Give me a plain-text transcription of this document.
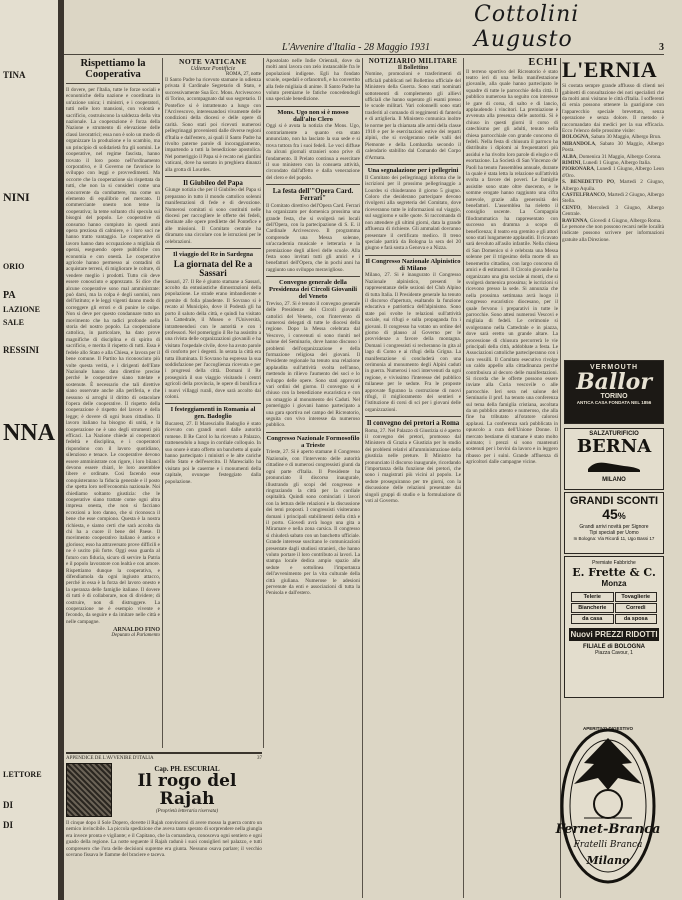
TINA
NINI
ORIO
PA
LAZIONE
SALE
RESSINI
NNA
LETTORE
DI
DI
Cottolini Augusto
L'Avvenire d'Italia - 28 Maggio 1931	3
Rispettiamo la Cooperativa
Il dovere, per l'Italia, tutte le forze sociali e economiche della nazione e coordinata in un'azione unica; i ministri, e i cooperatori, tutti nelle loro mansioni, con volontà e sacrificio, costruiscono la saldezza della vita nazionale. La cooperazione è forza della Nazione e strumento di elevazione delle classi lavoratrici; essa non è solo un modo di organizzare la produzione e lo scambio, ma un principio di solidarietà fra gli uomini. Le cooperative, nel regime fascista, hanno trovato il loro posto nell'ordinamento corporativo, e il Governo ne favorisce lo sviluppo con leggi e provvedimenti. Ma occorre che la cooperazione sia rispettata da tutti, che non la si consideri come una concorrente da combattere, ma come un elemento di equilibrio nel mercato. Il commerciante onesto non teme la cooperativa; la teme soltanto chi specula sui bisogni del popolo. Le cooperative di consumo hanno compiuto in questi anni opera preziosa di calmiere, e i loro soci ne hanno tratto vantaggio. Le cooperative di lavoro hanno dato occupazione a migliaia di operai, eseguendo opere pubbliche con economia e con onestà. Le cooperative agricole hanno permesso ai contadini di acquistare terreni, di migliorare le colture, di vendere meglio i prodotti. Tutto ciò deve essere conosciuto e apprezzato. Si dice che alcune cooperative sono mal amministrate: può darsi, ma la colpa è degli uomini, non dell'istituto; e le leggi vigenti danno modo di correggere gli errori e di punire le colpe. Non si deve per questo condannare tutto un movimento che ha radici profonde nella storia del nostro popolo. La cooperazione cattolica, in particolare, ha dato prove magnifiche di disciplina e di spirito di sacrificio, e merita il rispetto di tutti. Essa è fedele allo Stato e alla Chiesa, e lavora per il bene comune. Il Partito ha riconosciuto più volte questa verità, e i dirigenti dell'Ente Nazionale hanno dato direttive precise perché le cooperative siano tutelate e sostenute. È necessario che tali direttive siano osservate anche alla periferia, e che nessuno si arroghi il diritto di ostacolare l'opera delle cooperative. Il rispetto della cooperazione è rispetto del lavoro e della legge; è dovere di ogni buon cittadino. Il lavoro italiano ha bisogno di unità, e la cooperazione ne è uno degli strumenti più efficaci. La Nazione chiede ai cooperatori fedeltà e disciplina, e i cooperatori rispondono con il lavoro quotidiano, silenzioso e tenace. Le cooperative devono essere amministrate con rigore, i loro bilanci devono essere chiari, le loro assemblee libere e ordinate. Così facendo esse conquisteranno la fiducia generale e il posto che spetta loro nell'economia nazionale. Noi chiediamo soltanto giustizia: che le cooperative siano trattate come ogni altra impresa onesta, che non si facciano eccezioni a loro danno, che si riconosca il bene che esse compiono. Questa è la nostra richiesta, e siamo certi che sarà accolta da chi ha a cuore il bene del Paese. Il movimento cooperativo italiano è antico e glorioso; esso ha attraversato prove difficili e ne è uscito più forte. Oggi esso guarda al futuro con fiducia, sicuro di servire la Patria e il popolo lavoratore con lealtà e con amore. Rispettiamo dunque la cooperativa, e difendiamola da ogni ingiusto attacco, perché in essa è la forza del lavoro onesto e la speranza delle famiglie italiane. Il dovere di tutti è di collaborare, non di dividere; di costruire, non di distruggere. La cooperazione ne è esempio vivente e fecondo, da seguire e da imitare nelle città e nelle campagne.
ARNALDO FINO
Deputato al Parlamento
NOTE VATICANE
Udienze Pontificie
ROMA, 27, notte
Il Santo Padre ha ricevuto stamane in udienza privata il Cardinale Segretario di Stato, e successivamente Sua Ecc. Mons. Arcivescovo di Torino, accompagnato dal suo segretario. Il Pontefice si è intrattenuto a lungo con l'Arcivescovo, interessandosi vivamente delle condizioni della diocesi e delle opere di carità. Sono stati poi ricevuti numerosi pellegrinaggi provenienti dalle diverse regioni d'Italia e dall'estero, ai quali il Santo Padre ha rivolto paterne parole di incoraggiamento, impartendo a tutti la benedizione apostolica. Nel pomeriggio il Papa si è recato nei giardini vaticani, dove ha sostato in preghiera dinanzi alla grotta di Lourdes.
Il Giubileo del Papa
Giunge notizia che per il Giubileo del Papa si preparano in tutto il mondo cattolico solenni manifestazioni di fede e di devozione. Numerosi comitati si sono costituiti nelle diocesi per raccogliere le offerte dei fedeli, destinate alle opere predilette del Pontefice e alle missioni. Il Comitato centrale ha diramato una circolare con le istruzioni per le celebrazioni.
Il viaggio del Re in Sardegna
La giornata del Re a Sassari
Sassari, 27. Il Re è giunto stamane a Sassari, accolto da entusiastiche dimostrazioni della popolazione. Le strade erano imbandierate e gremite di folla plaudente. Il Sovrano si è recato al Municipio, dove il Podestà gli ha porto il saluto della città, e quindi ha visitato la Cattedrale, il Museo e l'Università, intrattenendosi con le autorità e con i professori. Nel pomeriggio il Re ha assistito a una rivista delle organizzazioni giovanili e ha visitato l'ospedale civile, dove ha avuto parole di conforto per i degenti. In serata la città era tutta illuminata. Il Sovrano ha espresso la sua soddisfazione per l'accoglienza ricevuta e per i progressi della città. Domani il Re proseguirà il suo viaggio visitando i centri agricoli della provincia, le opere di bonifica e i nuovi villaggi rurali, dove sarà accolto dai coloni.
I festeggiamenti in Romania al gen. Badoglio
Bucarest, 27. Il Maresciallo Badoglio è stato ricevuto con grandi onori dalle autorità romene. Il Re Carol lo ha ricevuto a Palazzo, trattenendolo a lungo in cordiale colloquio. In suo onore è stato offerto un banchetto al quale hanno partecipato i ministri e le alte cariche dello Stato e dell'esercito. Il Maresciallo ha visitato poi le caserme e i monumenti della capitale, ovunque festeggiato dalla popolazione.
Apostolato nelle Indie Orientali, dove da molti anni lavora con zelo instancabile fra le popolazioni indigene. Egli ha fondato scuole, ospedali e orfanotrofi, e ha convertito alla fede migliaia di anime. Il Santo Padre ha voluto premiarne le fatiche concedendogli una speciale benedizione.
Mons. Ugo non si è mosso dall'alto Clero
Oggi si è avuta la notizia che Mons. Ugo, contrariamente a quanto era stato annunciato, non ha lasciato la sua sede e si trova tuttora fra i suoi fedeli. Le voci diffuse da alcuni giornali stranieri sono prive di fondamento. Il Prelato continua a esercitare il suo ministero con la consueta attività, circondato dall'affetto e dalla venerazione del clero e del popolo.
La festa dell'"Opera Card. Ferrari"
Il Comitato direttivo dell'Opera Card. Ferrari ha organizzato per domenica prossima una grande festa, che si svolgerà nei locali dell'Opera, con la partecipazione di S. E. il Cardinale Arcivescovo. Il programma comprende una Messa solenne, un'accademia musicale e letteraria e la premiazione degli allievi delle scuole. Alla festa sono invitati tutti gli amici e i benefattori dell'Opera, che in pochi anni ha raggiunto uno sviluppo meraviglioso.
Convegno generale della Presidenza dei Circoli Giovanili del Veneto
Treviso, 27. Si è tenuto il convegno generale delle Presidenze dei Circoli giovanili cattolici del Veneto, con l'intervento di numerosi delegati di tutte le diocesi della regione. Dopo la Messa celebrata dal Vescovo, i convenuti si sono riuniti nel salone del Seminario, dove hanno discusso i problemi dell'organizzazione e della formazione religiosa dei giovani. Il Presidente regionale ha tenuto una relazione applaudita sull'attività svolta nell'anno, mettendo in rilievo l'aumento dei soci e lo sviluppo delle opere. Sono stati approvati vari ordini del giorno. Il convegno si è chiuso con la benedizione eucaristica e con un omaggio al monumento dei Caduti. Nel pomeriggio i giovani hanno partecipato a una gara sportiva nel campo del Ricreatorio, seguita con vivo interesse da numeroso pubblico.
Congresso Nazionale Formosofilo a Trieste
Trieste, 27. Si è aperto stamane il Congresso Nazionale, con l'intervento delle autorità cittadine e di numerosi congressisti giunti da ogni parte d'Italia. Il Presidente ha pronunciato il discorso inaugurale, illustrando gli scopi del congresso e ringraziando la città per la cordiale ospitalità. Quindi sono cominciati i lavori con la lettura delle relazioni e la discussione dei temi proposti. I congressisti visiteranno domani i principali stabilimenti della città e il porto. Giovedì avrà luogo una gita a Miramare e nella zona carsica. Il congresso si chiuderà sabato con un banchetto ufficiale. Grande interesse suscitano le comunicazioni presentate dagli studiosi stranieri, che hanno voluto portare il loro contributo ai lavori. La stampa locale dedica ampio spazio alle sedute e sottolinea l'importanza dell'avvenimento per la vita culturale della città giuliana. Numerose le adesioni pervenute da enti e associazioni di tutta la Penisola e dall'estero.
NOTIZIARIO MILITARE
Il Bollettino
Nomine, promozioni e trasferimenti di ufficiali pubblicati nel Bollettino ufficiale del Ministero della Guerra. Sono stati nominati sottotenenti di complemento gli allievi ufficiali che hanno superato gli esami presso le scuole militari. Vari colonnelli sono stati trasferiti al comando di reggimenti di fanteria e di artiglieria. Il Ministero comunica inoltre le norme per la chiamata alle armi della classe 1910 e per le esercitazioni estive dei reparti alpini, che si svolgeranno nelle valli del Piemonte e della Lombardia secondo il calendario stabilito dal Comando del Corpo d'Armata.
Una segnalazione per i pellegrini
Il Comitato dei pellegrinaggi informa che le iscrizioni per il prossimo pellegrinaggio a Lourdes si chiuderanno il giorno 5 giugno. Coloro che desiderano partecipare devono rivolgersi alla segreteria del Comitato, dove riceveranno tutte le informazioni sul viaggio, sul soggiorno e sulle quote. Si raccomanda di non attendere gli ultimi giorni, data la grande affluenza di richieste. Gli ammalati dovranno presentare il certificato medico. Il treno speciale partirà da Bologna la sera del 20 giugno e farà sosta a Genova e a Nizza.
Il Congresso Nazionale Alpinistico di Milano
Milano, 27. Si è inaugurato il Congresso Nazionale alpinistico, presenti le rappresentanze delle sezioni del Club Alpino di tutta Italia. Il Presidente generale ha tenuto il discorso d'apertura, esaltando la funzione educativa e patriottica dell'alpinismo. Sono state poi svolte le relazioni sull'attività sociale, sui rifugi e sulla propaganda fra i giovani. Il congresso ha votato un ordine del giorno di plauso al Governo per le provvidenze a favore della montagna. Domani i congressisti si recheranno in gita al lago di Como e ai rifugi della Grigna. La manifestazione si concluderà con una cerimonia al monumento degli Alpini caduti in guerra. Numerosi i soci intervenuti da ogni regione, e vivissimo l'interesse del pubblico milanese per le sedute. Fra le proposte approvate figurano la costruzione di nuovi rifugi, il miglioramento dei sentieri e l'istituzione di corsi di sci per i giovani delle organizzazioni.
Il convegno dei pretori a Roma
Roma, 27. Nel Palazzo di Giustizia si è aperto il convegno dei pretori, promosso dal Ministero di Grazia e Giustizia per lo studio dei problemi relativi all'amministrazione della giustizia nelle preture. Il Ministro ha pronunciato il discorso inaugurale, ricordando l'importanza della funzione dei pretori, che sono i magistrati più vicini al popolo. Le sedute proseguiranno per tre giorni, con la discussione delle relazioni presentate dai singoli gruppi di studio e la formulazione di voti al Governo.
ECHI
Il terreno sportivo del Ricreatorio è stato teatro ieri di una bella manifestazione giovanile, alla quale hanno partecipato le squadre di tutte le parrocchie della città. Il pubblico numeroso ha seguito con interesse le gare di corsa, di salto e di lancio, applaudendo i vincitori. La premiazione è avvenuta alla presenza delle autorità. Si è chiuso in questi giorni il corso di catechismo per gli adulti, tenuto nella chiesa parrocchiale con grande concorso di fedeli. Nella festa di chiusura il parroco ha distribuito i diplomi ai frequentatori più assidui e ha rivolto loro parole di elogio e di esortazione. La Società di San Vincenzo de' Paoli ha tenuto l'assemblea annuale, durante la quale è stata letta la relazione sull'attività svolta a favore dei poveri. Le famiglie assistite sono state oltre duecento, e le somme erogate hanno raggiunto una cifra notevole, grazie alla generosità dei benefattori. L'assemblea ha rieletto il consiglio uscente. La Compagnia filodrammatica ha rappresentato con successo un dramma a scopo di beneficenza; il teatro era gremito e gli attori sono stati lungamente applauditi. Il ricavato sarà devoluto all'asilo infantile. Nella chiesa di San Domenico si è celebrata una Messa solenne per il trigesimo della morte di un benemerito cittadino, con largo concorso di amici e di estimatori. Il Circolo giovanile ha organizzato una gita sociale ai monti, che si svolgerà domenica prossima; le iscrizioni si ricevono presso la sede. Si annunzia che nella prossima settimana avrà luogo il congresso eucaristico diocesano, per il quale fervono i preparativi in tutte le parrocchie. Sono attesi numerosi Vescovi e migliaia di fedeli. Le cerimonie si svolgeranno nella Cattedrale e in piazza, dove sarà eretto un grande altare. La processione di chiusura percorrerà le vie principali della città, addobbate a festa. Le Associazioni cattoliche parteciperanno con i loro vessilli. Il Comitato esecutivo rivolge un caldo appello alla cittadinanza perché contribuisca al decoro delle manifestazioni. Si ricorda che le offerte possono essere inviate alla Curia vescovile o alle parrocchie. Ieri sera nel salone del Seminario il prof. ha tenuto una conferenza sul tema della famiglia cristiana, ascoltata da un pubblico attento e numeroso, che alla fine ha tributato all'oratore calorosi applausi. La conferenza sarà pubblicata in opuscolo a cura dell'Unione Donne. Il mercato bestiame di stamane è stato molto animato; i prezzi si sono mantenuti sostenuti per i bovini da lavoro e in leggero ribasso per i suini. Grande affluenza di agricoltori dalle campagne vicine.
L'ERNIA
Si costata sempre grande afflusso di clienti nei gabinetti di consultazione dei noti specialisti che da molti anni visitano le città d'Italia. I sofferenti di ernia possono ottenere la guarigione con l'apparecchio speciale brevettato, senza operazione e senza dolore. Il metodo è raccomandato dai medici per la sua efficacia. Ecco l'elenco delle prossime visite:
BOLOGNA, Sabato 30 Maggio, Albergo Brun.
MIRANDOLA, Sabato 30 Maggio, Albergo Posta.
ALBA, Domenica 31 Maggio, Albergo Corona.
RIMINI, Lunedì 1 Giugno, Albergo Italia.
PIORONARA, Lunedì 1 Giugno, Albergo Leon d'Oro.
S. BENEDETTO PO, Martedì 2 Giugno, Albergo Aquila.
CASTELFRANCO, Martedì 2 Giugno, Albergo Stella.
CENTO, Mercoledì 3 Giugno, Albergo Centrale.
RAVENNA, Giovedì 4 Giugno, Albergo Roma.
Le persone che non possono recarsi nelle località indicate possono scrivere per informazioni gratuite alla Direzione.
VERMOUTH
Ballor
TORINO
ANTICA CASA FONDATA NEL 1856
SALZATURIFICIO
BERNA
MILANO
GRANDI SCONTI
45%
Grandi arrivi novità per Signore
Tipi speciali per Uomo
In Bologna: Via Ricordi 11, Ugo Bassi 17
Premiate Fabbriche
E. Frette & C.
Monza
Telerie	Tovaglierie
Biancherie	Corredi
da casa	da sposa
Nuovi PREZZI RIDOTTI
FILIALE di BOLOGNA
Piazza Cavour, 1
APERITIVO DIGESTIVO
Fernet-Branca
Fratelli Branca
Milano
APPENDICE DE L'AVVENIRE D'ITALIA	37
Cap. PH. ESCURIAL
Il rogo del Rajah
(Proprietà letteraria riservata)
Il cinque dopo il Sole Dopero, dovette il Rajah convincersi di avere mosso la guerra contro un nemico invincibile. La piccola spedizione che aveva tanto sperato di sorprendere nella giungla era invece pronta e vigilante; e il Capitano, che la comandava, conosceva ogni sentiero e ogni guado della regione. La notte seguente il Rajah radunò i suoi consiglieri nel palazzo, e tutti compresero che l'ora delle decisioni supreme era giunta. Nessuno osava parlare; il vecchio sovrano fissava le fiamme del braciere e taceva.
